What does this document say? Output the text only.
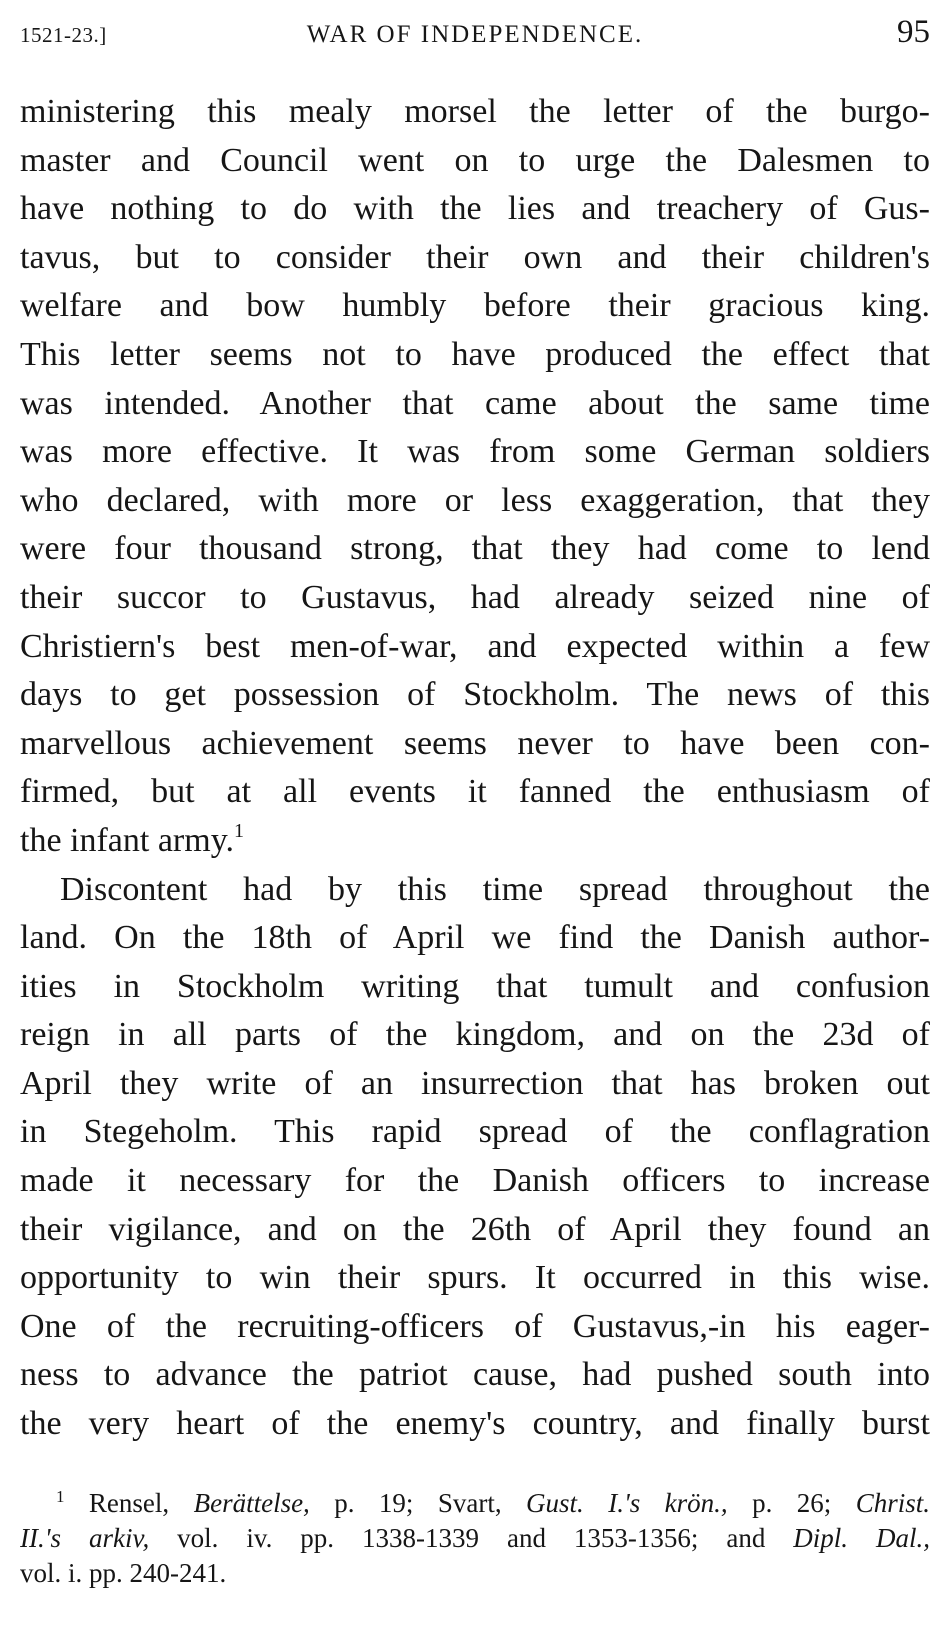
1521-23.]	WAR OF INDEPENDENCE.	95
ministering this mealy morsel the letter of the burgo-
master and Council went on to urge the Dalesmen to
have nothing to do with the lies and treachery of Gus-
tavus, but to consider their own and their children's
welfare and bow humbly before their gracious king.
This letter seems not to have produced the effect that
was intended. Another that came about the same time
was more effective. It was from some German soldiers
who declared, with more or less exaggeration, that they
were four thousand strong, that they had come to lend
their succor to Gustavus, had already seized nine of
Christiern's best men-of-war, and expected within a few
days to get possession of Stockholm. The news of this
marvellous achievement seems never to have been con-
firmed, but at all events it fanned the enthusiasm of
the infant army.$^1$
Discontent had by this time spread throughout the
land. On the 18th of April we find the Danish author-
ities in Stockholm writing that tumult and confusion
reign in all parts of the kingdom, and on the 23d of
April they write of an insurrection that has broken out
in Stegeholm. This rapid spread of the conflagration
made it necessary for the Danish officers to increase
their vigilance, and on the 26th of April they found an
opportunity to win their spurs. It occurred in this wise.
One of the recruiting-officers of Gustavus,-in his eager-
ness to advance the patriot cause, had pushed south into
the very heart of the enemy's country, and finally burst
$^1$ Rensel, Berättelse, p. 19; Svart, Gust. I.'s krön., p. 26; Christ.
II.'s arkiv, vol. iv. pp. 1338-1339 and 1353-1356; and Dipl. Dal.,
vol. i. pp. 240-241.
